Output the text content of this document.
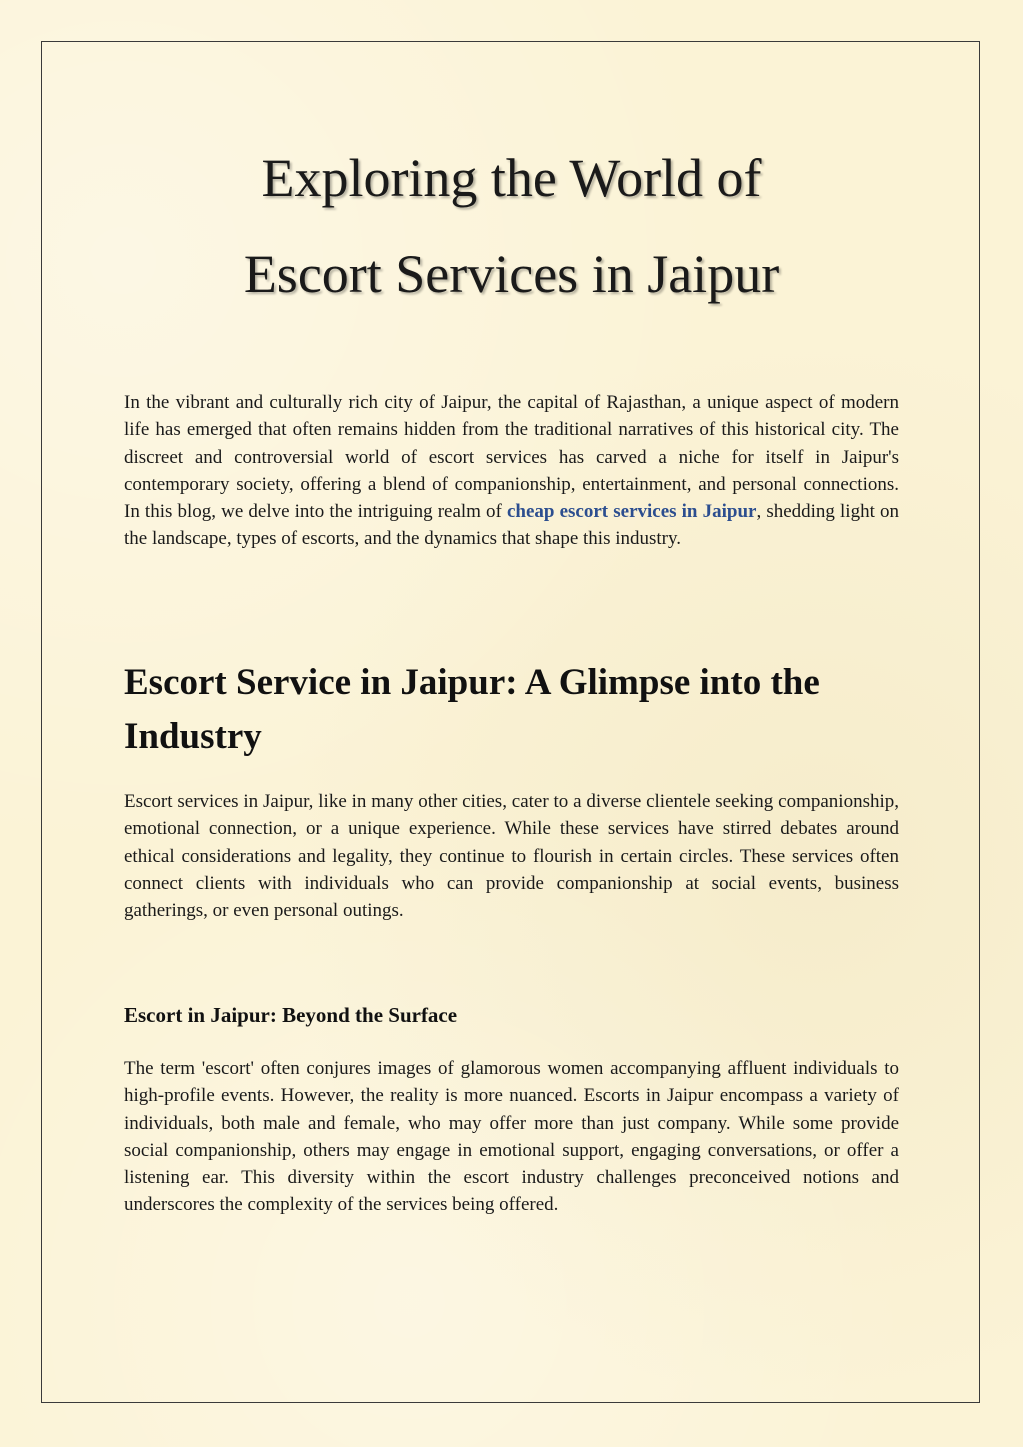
Exploring the World of
Escort Services in Jaipur

In the vibrant and culturally rich city of Jaipur, the capital of Rajasthan, a unique aspect of modern life has emerged that often remains hidden from the traditional narratives of this historical city. The discreet and controversial world of escort services has carved a niche for itself in Jaipur's contemporary society, offering a blend of companionship, entertainment, and personal connections. In this blog, we delve into the intriguing realm of cheap escort services in Jaipur, shedding light on the landscape, types of escorts, and the dynamics that shape this industry.

Escort Service in Jaipur: A Glimpse into the Industry

Escort services in Jaipur, like in many other cities, cater to a diverse clientele seeking companionship, emotional connection, or a unique experience. While these services have stirred debates around ethical considerations and legality, they continue to flourish in certain circles. These services often connect clients with individuals who can provide companionship at social events, business gatherings, or even personal outings.

Escort in Jaipur: Beyond the Surface

The term 'escort' often conjures images of glamorous women accompanying affluent individuals to high-profile events. However, the reality is more nuanced. Escorts in Jaipur encompass a variety of individuals, both male and female, who may offer more than just company. While some provide social companionship, others may engage in emotional support, engaging conversations, or offer a listening ear. This diversity within the escort industry challenges preconceived notions and underscores the complexity of the services being offered.
